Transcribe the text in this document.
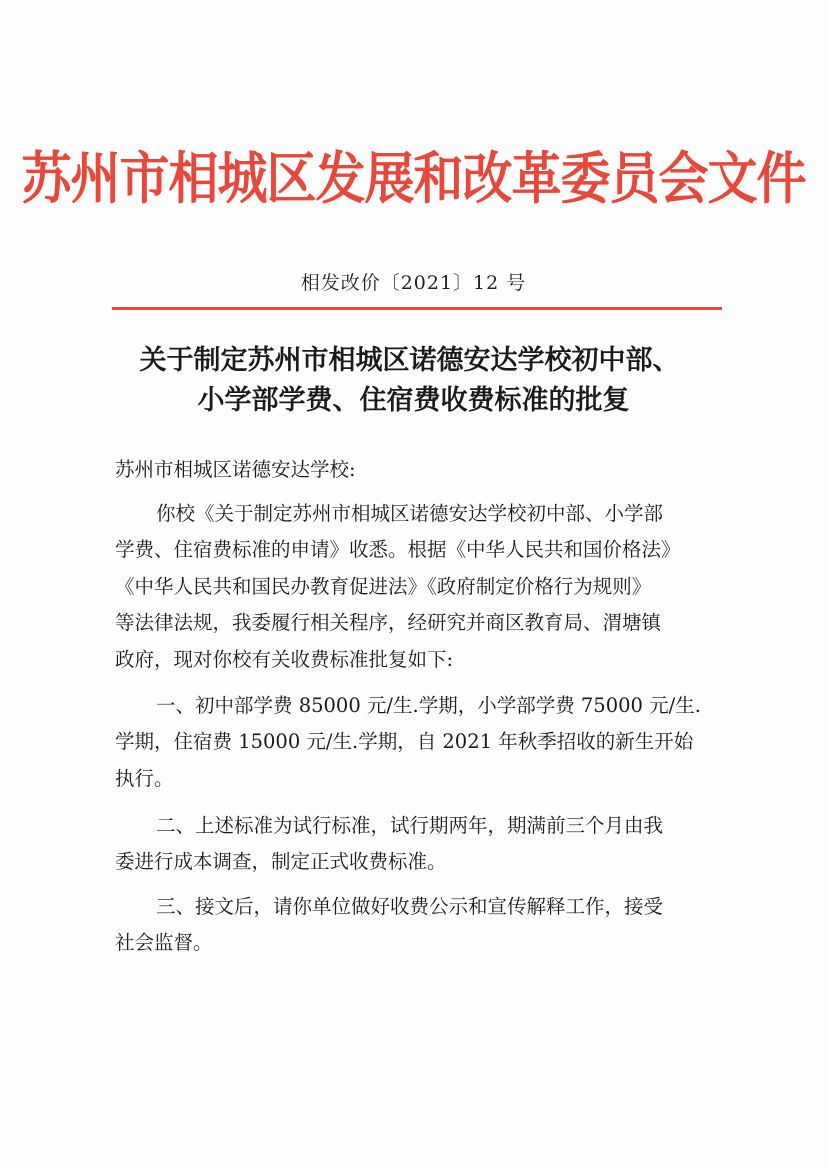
苏州市相城区发展和改革委员会文件
相发改价〔2021〕12 号
关于制定苏州市相城区诺德安达学校初中部、
小学部学费、住宿费收费标准的批复
苏州市相城区诺德安达学校:
你校《关于制定苏州市相城区诺德安达学校初中部、小学部
学费、住宿费标准的申请》收悉。根据《中华人民共和国价格法》
《中华人民共和国民办教育促进法》《政府制定价格行为规则》
等法律法规，我委履行相关程序，经研究并商区教育局、渭塘镇
政府，现对你校有关收费标准批复如下:
一、初中部学费 85000 元/生.学期，小学部学费 75000 元/生.
学期，住宿费 15000 元/生.学期，自 2021 年秋季招收的新生开始
执行。
二、上述标准为试行标准，试行期两年，期满前三个月由我
委进行成本调查，制定正式收费标准。
三、接文后，请你单位做好收费公示和宣传解释工作，接受
社会监督。
